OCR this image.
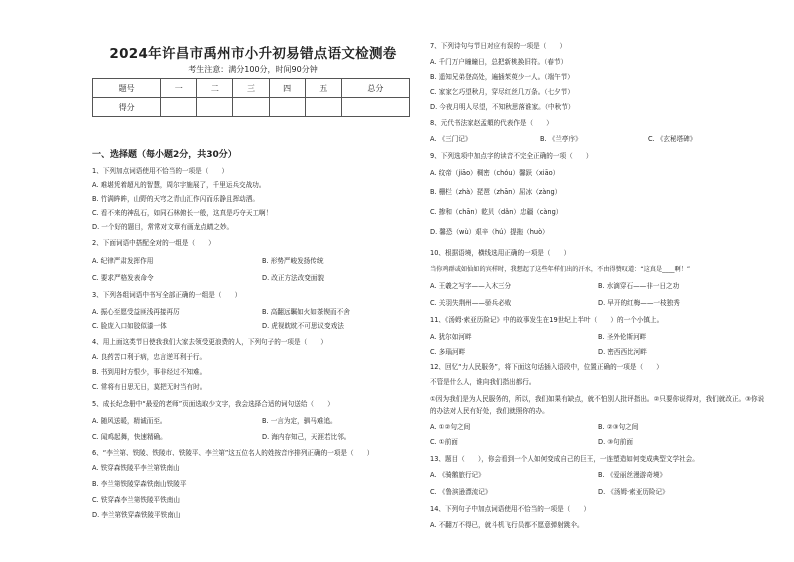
2024年许昌市禹州市小升初易错点语文检测卷
考生注意：满分100分，时间90分钟
题号	一	二	三	四	五	总分
得分						
一、选择题（每小题2分，共30分）
1、下列加点词语使用不恰当的一项是（　　）
A. 难堪凭着超凡的智慧，周尔宇施展了，千里运兵交战功。
B. 竹满眸眸，山野的天穹之青山汇作闪而乐静且挥动洒。
C. 看不来的神乱石，如同石林俯长一般，这真是巧夺天工啊！
D. 一个好的题目，常常对文章有画龙点睛之妙。
2、下面词语中搭配全对的一组是（　　）
A. 纪律严肃发挥作用	B. 形势严峻发扬传统
C. 要求严格发表命令	D. 改正方法改变面貌
3、下列各组词语中书写全部正确的一组是（　　）
A. 振心至愿受益匪浅再接再厉	B. 高翻远瞩如火如茶锲而不舍
C. 脸庞入口如胶似漆一体	D. 虎视眈眈不可思议变戏法
4、用上面这类节日使我我们大家去领受更浪费的人，下列句子的一项是（　　）
A. 良药苦口利于病，忠言逆耳利于行。
B. 书到用时方恨少，事非经过不知难。
C. 常将有日思无日，莫把无时当有时。
5、成长纪念册中“最爱的老师”页面选取少文字，我会选择合适的词句送给（　　）
A. 随风送暖，精诚而至。	B. 一言为定，驷马难追。
C. 闻鸡起舞，快速精确。	D. 海内存知己，天涯若比邻。
6、“李兰第、铁陵、铁陵市、铁陵平、李兰第”这五位名人的姓按音序排列正确的一项是（　　）
A. 铁穿森铁陵平李兰第铁南山
B. 李兰第铁陵穿森铁南山铁陵平
C. 铁穿森李兰第铁陵平铁南山
D. 李兰第铁穿森铁陵平铁南山
7、下列诗句与节日对应有误的一项是（　　）
A. 千门万户瞳瞳日，总把新桃换旧符。（春节）
B. 遥知兄弟登高处，遍插茱萸少一人。（端午节）
C. 家家乞巧望秋月，穿尽红丝几万条。（七夕节）
D. 今夜月明人尽望，不知秋思落谁家。（中秋节）
8、元代书法家赵孟頫的代表作是（　　）
A. 《三门记》	B. 《兰亭序》	C. 《玄秘塔碑》
9、下列选项中加点字的读音不完全正确的一项（　　）
A. 纹帝（jiāo）稠密（chóu）馨跃（xiāo）
B. 栅栏（zhà）琵琶（zhān）屈冰（zàng）
C. 掺和（chān）乾贝（dǎn）忠疆（càng）
D. 馨恐（wù）艰辛（hú）提拖（huò）
10、根据语境，横线选用正确的一项是（　　）
当你鸡群或如仙如的宾样时，我想起了这些年样们出的汗水，不由得赞叹道：“这真是____啊！”
A. 王羲之写字——入木三分	B. 水滴穿石——非一日之功
C. 关羽失荆州——骄兵必败	D. 早开的红梅——一枝独秀
11、《汤姆·索亚历险记》中的故事发生在19世纪上半叶（　　）的一个小镇上。
A. 犹尔如河畔	B. 圣外伦斯河畔
C. 多瑙河畔	D. 密西西比河畔
12、回忆“力人民服务”，将下面这句话插入语段中，位置正确的一项是（　　）
不管是什么人，谁向我们指出都行。
①因为我们是为人民服务的，所以，我们如果有缺点，就不怕别人批评指出。②只要你说得对，我们就改正。③你说的办法对人民有好处，我们就照你的办。
A. ①②句之间	B. ②③句之间
C. ①前面	D. ③句前面
13、题目（　　），你会看到一个人如何变成自己的巨王，一连塑造如何变成典型文学社会。
A. 《骑鹅旅行记》	B. 《爱丽丝漫游奇境》
C. 《鲁滨逊漂流记》	D. 《汤姆·索亚历险记》
14、下列句子中加点词语使用不恰当的一项是（　　）
A. 不翻万不得已，就斗机飞行员都不愿意弹射跳伞。
